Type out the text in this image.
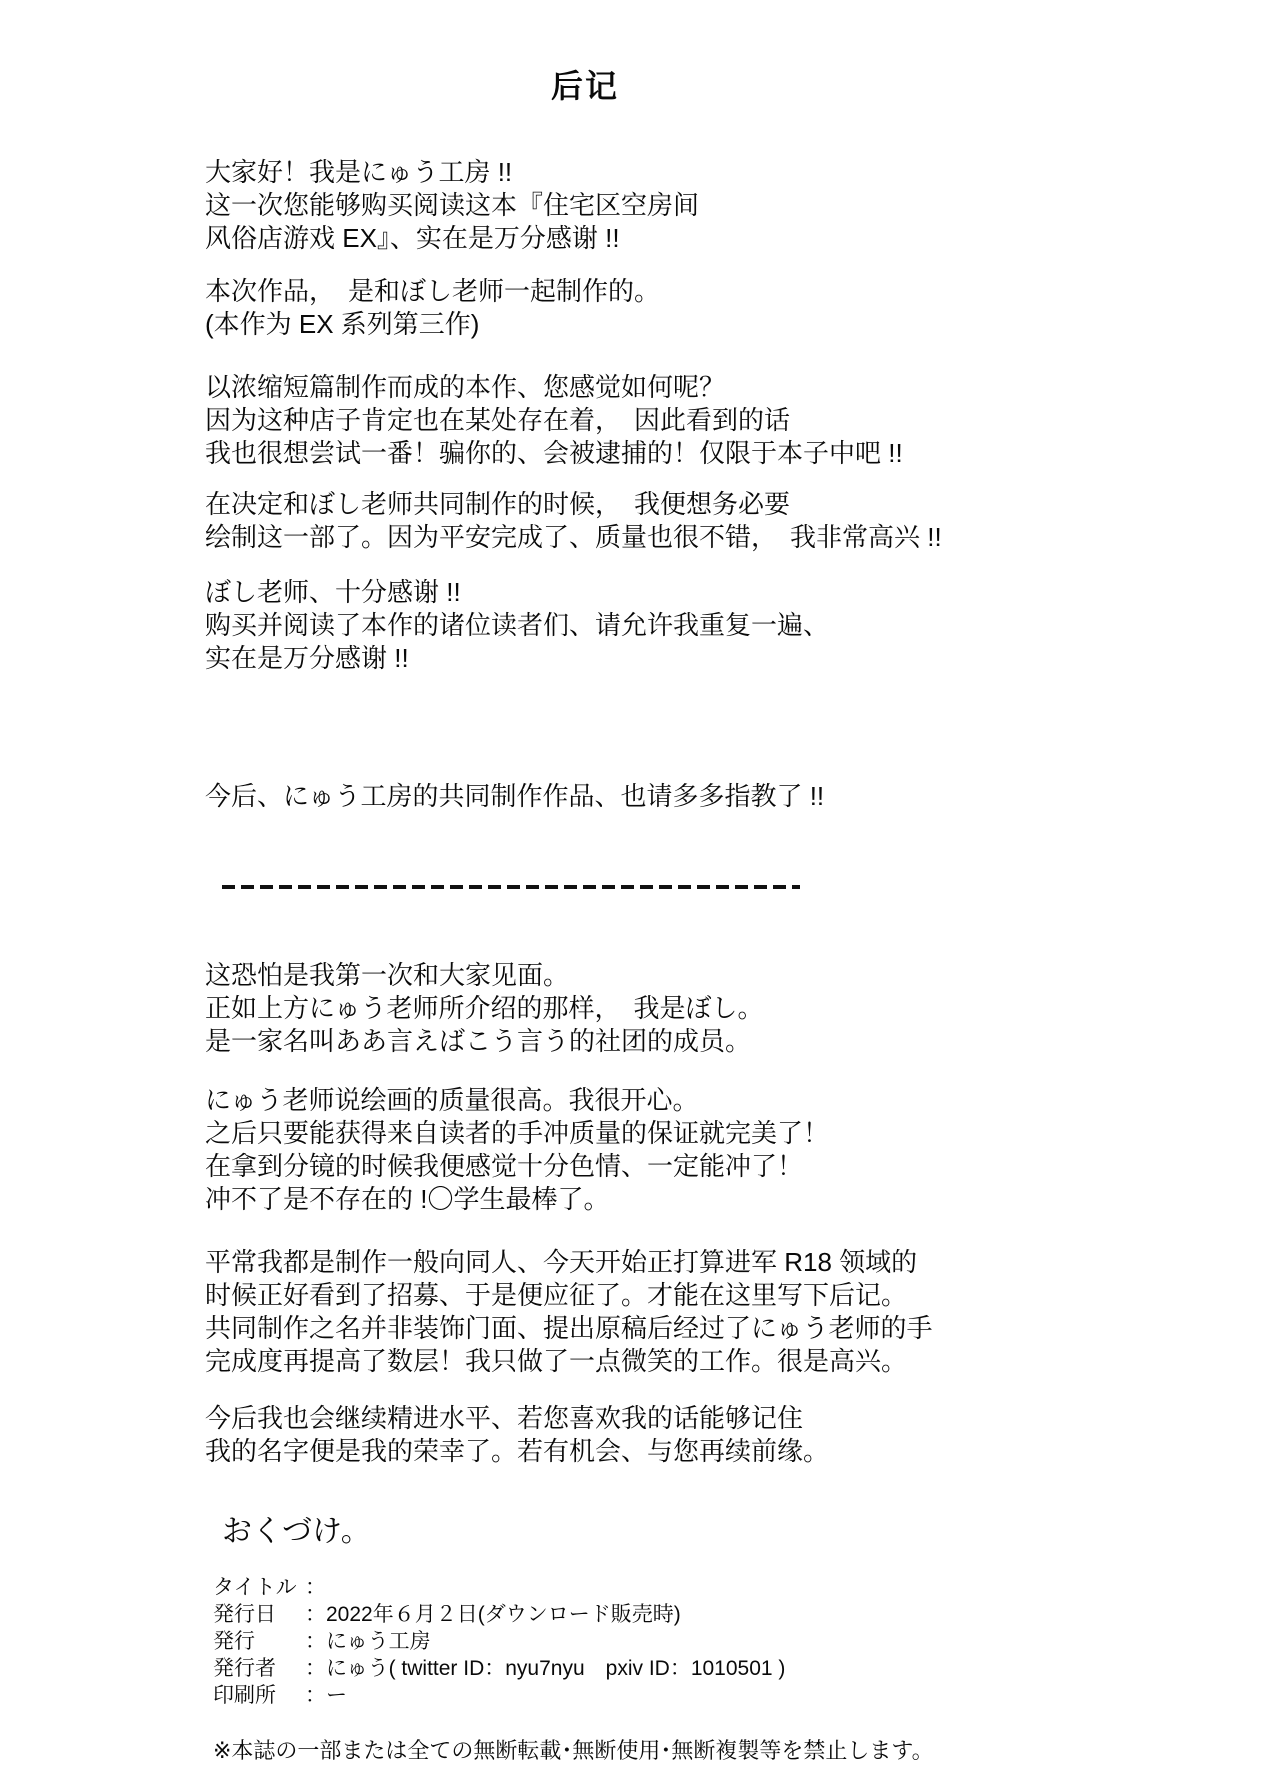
后记
大家好！我是にゅう工房 !!
这一次您能够购买阅读这本『住宅区空房间
风俗店游戏 EX』、实在是万分感谢 !!
本次作品，　是和ぼし老师一起制作的。
(本作为 EX 系列第三作)
以浓缩短篇制作而成的本作、您感觉如何呢？
因为这种店子肯定也在某处存在着，　因此看到的话
我也很想尝试一番！骗你的、会被逮捕的！仅限于本子中吧 !!
在决定和ぼし老师共同制作的时候，　我便想务必要
绘制这一部了。因为平安完成了、质量也很不错，　我非常高兴 !!
ぼし老师、十分感谢 !!
购买并阅读了本作的诸位读者们、请允许我重复一遍、
实在是万分感谢 !!
今后、にゅう工房的共同制作作品、也请多多指教了 !!
这恐怕是我第一次和大家见面。
正如上方にゅう老师所介绍的那样，　我是ぼし。
是一家名叫ああ言えばこう言う的社团的成员。
にゅう老师说绘画的质量很高。我很开心。
之后只要能获得来自读者的手冲质量的保证就完美了！
在拿到分镜的时候我便感觉十分色情、一定能冲了！
冲不了是不存在的 !〇学生最棒了。
平常我都是制作一般向同人、今天开始正打算进军 R18 领域的
时候正好看到了招募、于是便应征了。才能在这里写下后记。
共同制作之名并非装饰门面、提出原稿后经过了にゅう老师的手
完成度再提高了数层！我只做了一点微笑的工作。很是高兴。
今后我也会继续精进水平、若您喜欢我的话能够记住
我的名字便是我的荣幸了。若有机会、与您再续前缘。
おくづけ。
タイトル ：
発行日 ：2022年６月２日(ダウンロード販売時)
発行 ：にゅう工房
発行者 ：にゅう( twitter ID：nyu7nyu　pxiv ID：1010501 )
印刷所 ：ー
※本誌の一部または全ての無断転載･無断使用･無断複製等を禁止します。
